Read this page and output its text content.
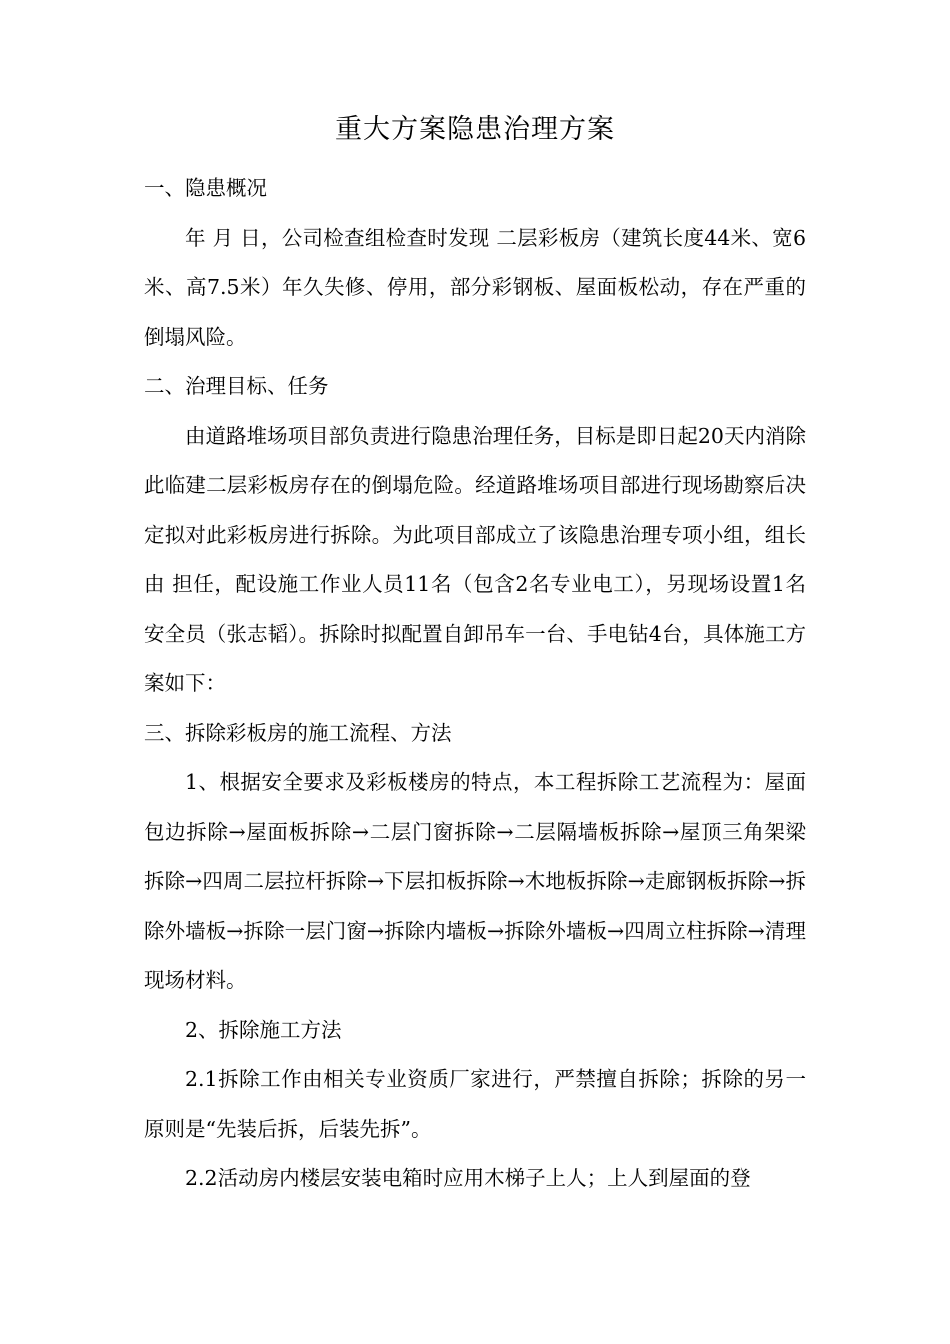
重大方案隐患治理方案

一、隐患概况

年 月 日，公司检查组检查时发现 二层彩板房（建筑长度44米、宽6米、高7.5米）年久失修、停用，部分彩钢板、屋面板松动，存在严重的倒塌风险。

二、治理目标、任务

由道路堆场项目部负责进行隐患治理任务，目标是即日起20天内消除此临建二层彩板房存在的倒塌危险。经道路堆场项目部进行现场勘察后决定拟对此彩板房进行拆除。为此项目部成立了该隐患治理专项小组，组长由 担任，配设施工作业人员11名（包含2名专业电工），另现场设置1名安全员（张志韬）。拆除时拟配置自卸吊车一台、手电钻4台，具体施工方案如下：

三、拆除彩板房的施工流程、方法

1、根据安全要求及彩板楼房的特点，本工程拆除工艺流程为：屋面包边拆除→屋面板拆除→二层门窗拆除→二层隔墙板拆除→屋顶三角架梁拆除→四周二层拉杆拆除→下层扣板拆除→木地板拆除→走廊钢板拆除→拆除外墙板→拆除一层门窗→拆除内墙板→拆除外墙板→四周立柱拆除→清理现场材料。

2、拆除施工方法

2.1拆除工作由相关专业资质厂家进行，严禁擅自拆除；拆除的另一原则是“先装后拆，后装先拆”。

2.2活动房内楼层安装电箱时应用木梯子上人；上人到屋面的登
